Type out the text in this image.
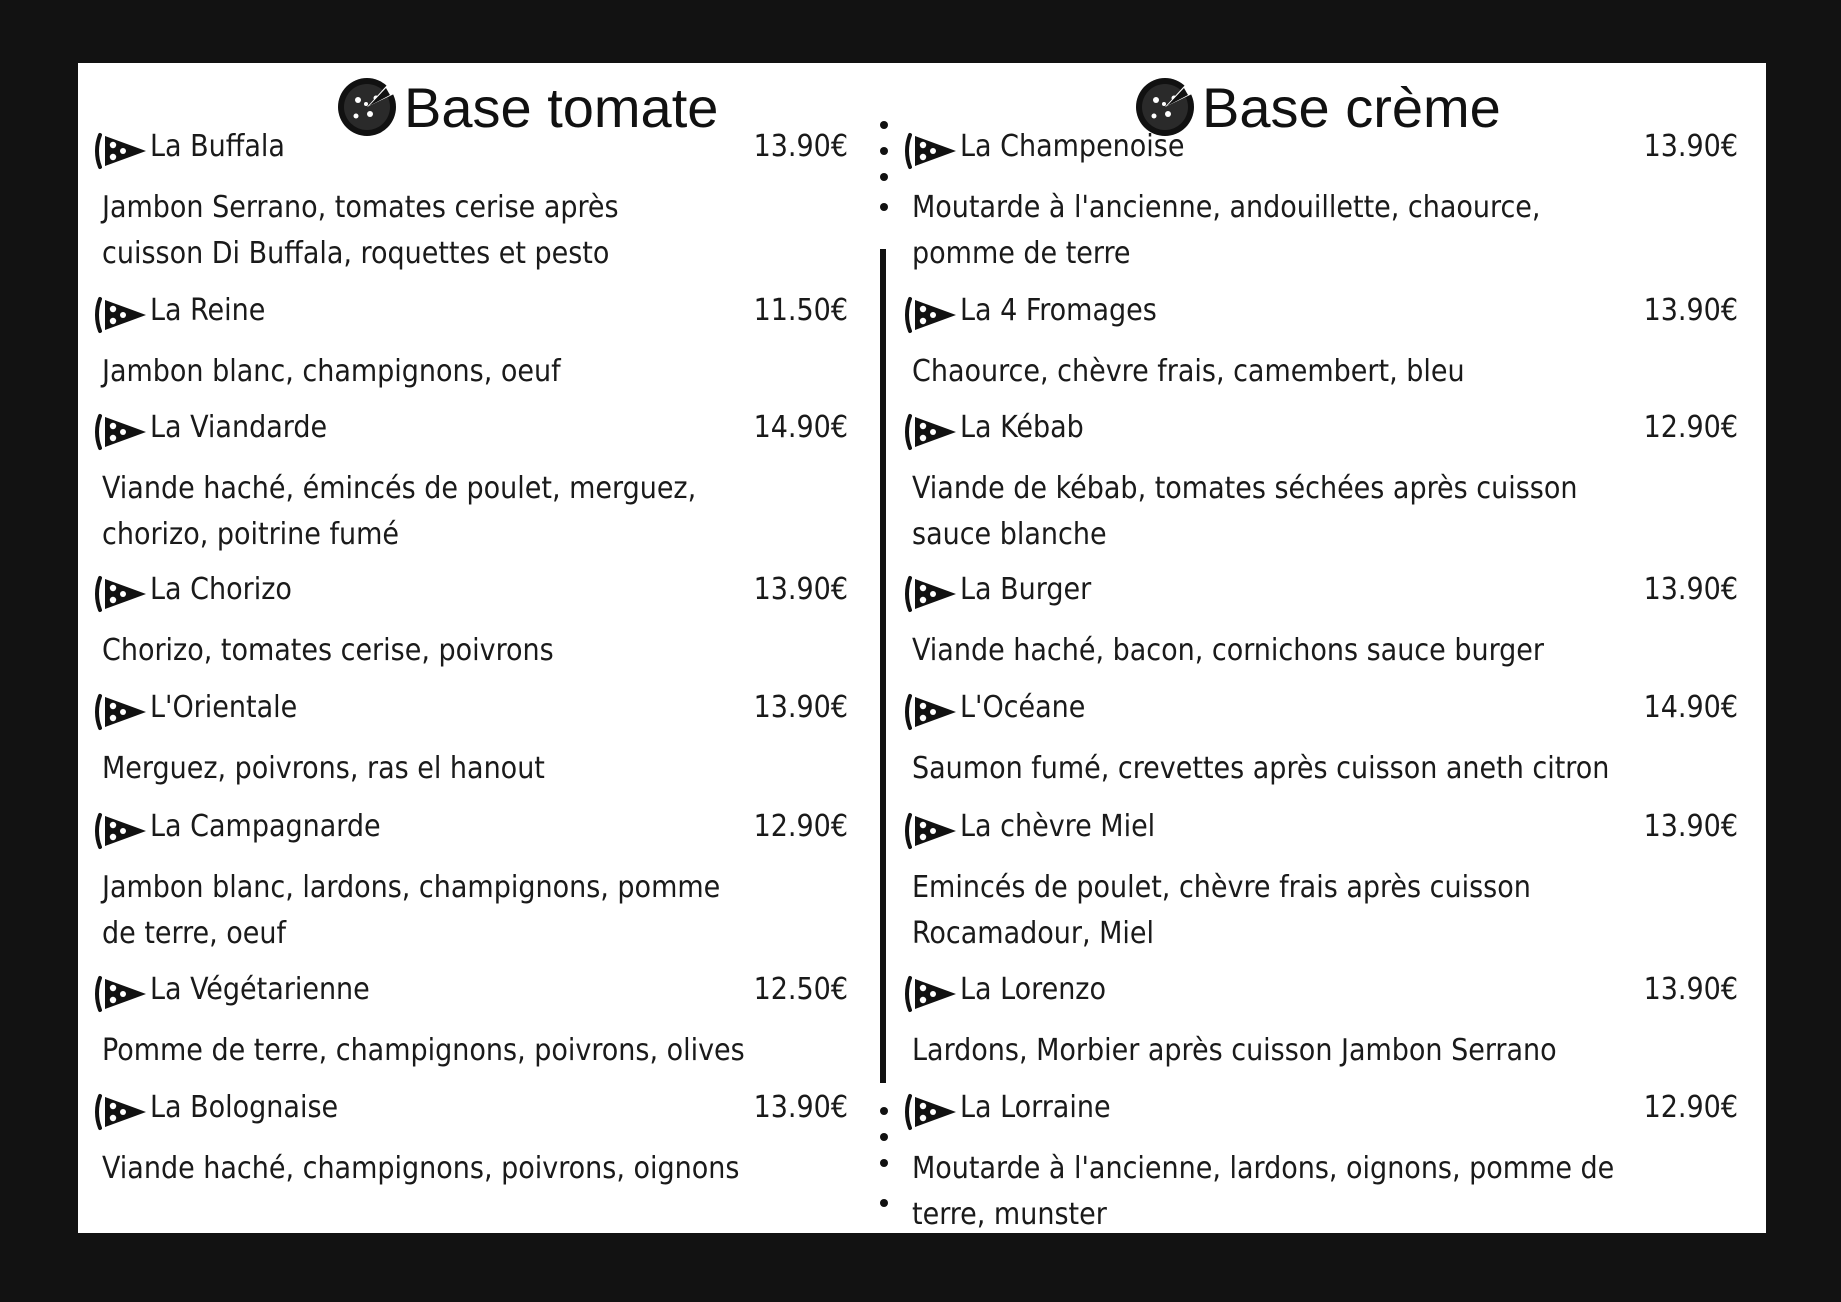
Base tomate
La Buffala	13.90€
Jambon Serrano, tomates cerise après cuisson Di Buffala, roquettes et pesto
La Reine	11.50€
Jambon blanc, champignons, oeuf
La Viandarde	14.90€
Viande haché, émincés de poulet, merguez, chorizo, poitrine fumé
La Chorizo	13.90€
Chorizo, tomates cerise, poivrons
L'Orientale	13.90€
Merguez, poivrons, ras el hanout
La Campagnarde	12.90€
Jambon blanc, lardons, champignons, pomme de terre, oeuf
La Végétarienne	12.50€
Pomme de terre, champignons, poivrons, olives
La Bolognaise	13.90€
Viande haché, champignons, poivrons, oignons
Base crème
La Champenoise	13.90€
Moutarde à l'ancienne, andouillette, chaource, pomme de terre
La 4 Fromages	13.90€
Chaource, chèvre frais, camembert, bleu
La Kébab	12.90€
Viande de kébab, tomates séchées après cuisson sauce blanche
La Burger	13.90€
Viande haché, bacon, cornichons sauce burger
L'Océane	14.90€
Saumon fumé, crevettes après cuisson aneth citron
La chèvre Miel	13.90€
Emincés de poulet, chèvre frais après cuisson Rocamadour, Miel
La Lorenzo	13.90€
Lardons, Morbier après cuisson Jambon Serrano
La Lorraine	12.90€
Moutarde à l'ancienne, lardons, oignons, pomme de terre, munster
